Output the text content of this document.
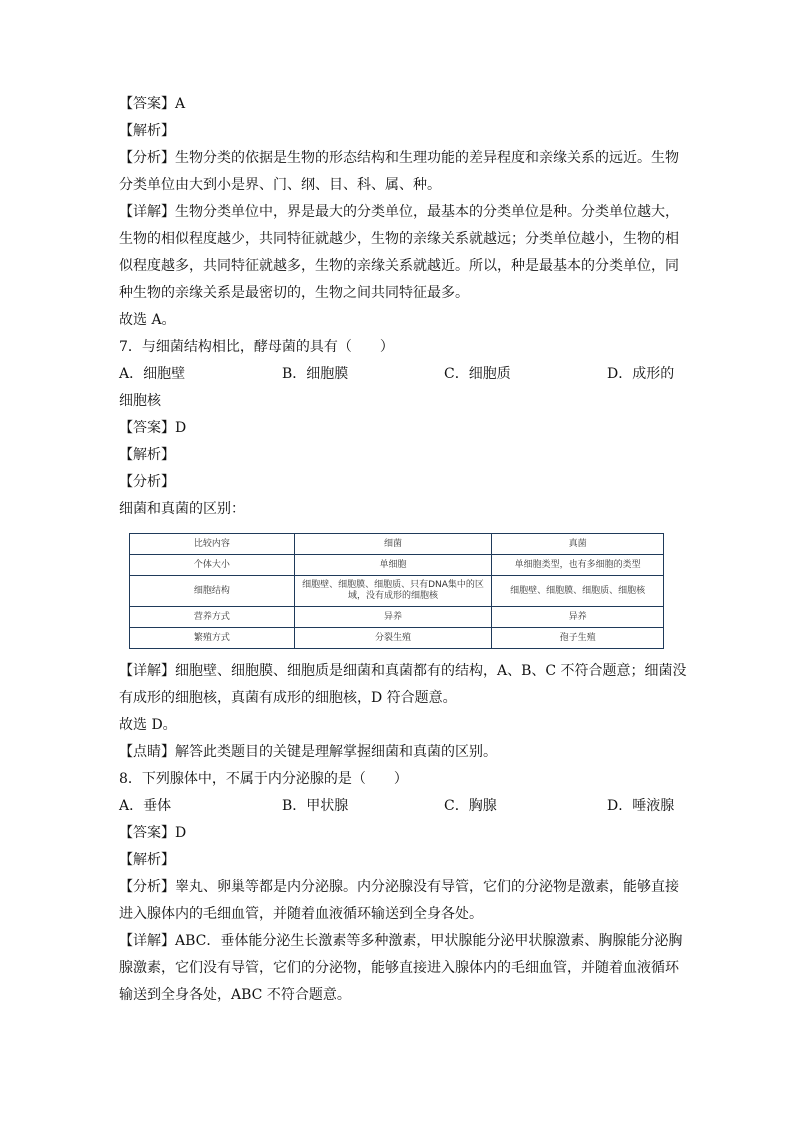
【答案】A
【解析】
【分析】生物分类的依据是生物的形态结构和生理功能的差异程度和亲缘关系的远近。生物
分类单位由大到小是界、门、纲、目、科、属、种。
【详解】生物分类单位中，界是最大的分类单位，最基本的分类单位是种。分类单位越大，
生物的相似程度越少，共同特征就越少，生物的亲缘关系就越远；分类单位越小，生物的相
似程度越多，共同特征就越多，生物的亲缘关系就越近。所以，种是最基本的分类单位，同
种生物的亲缘关系是最密切的，生物之间共同特征最多。
故选 A。
7．与细菌结构相比，酵母菌的具有（　　）
A．细胞壁	B．细胞膜	C．细胞质	D．成形的
细胞核
【答案】D
【解析】
【分析】
细菌和真菌的区别：
比较内容	细菌	真菌
个体大小	单细胞	单细胞类型，也有多细胞的类型
细胞结构	细胞壁、细胞膜、细胞质、只有DNA集中的区域，没有成形的细胞核	细胞壁、细胞膜、细胞质、细胞核
营养方式	异养	异养
繁殖方式	分裂生殖	孢子生殖
【详解】细胞壁、细胞膜、细胞质是细菌和真菌都有的结构，A、B、C 不符合题意；细菌没
有成形的细胞核，真菌有成形的细胞核，D 符合题意。
故选 D。
【点睛】解答此类题目的关键是理解掌握细菌和真菌的区别。
8．下列腺体中，不属于内分泌腺的是（　　）
A．垂体	B．甲状腺	C．胸腺	D．唾液腺
【答案】D
【解析】
【分析】睾丸、卵巢等都是内分泌腺。内分泌腺没有导管，它们的分泌物是激素，能够直接
进入腺体内的毛细血管，并随着血液循环输送到全身各处。
【详解】ABC．垂体能分泌生长激素等多种激素，甲状腺能分泌甲状腺激素、胸腺能分泌胸
腺激素，它们没有导管，它们的分泌物，能够直接进入腺体内的毛细血管，并随着血液循环
输送到全身各处，ABC 不符合题意。
